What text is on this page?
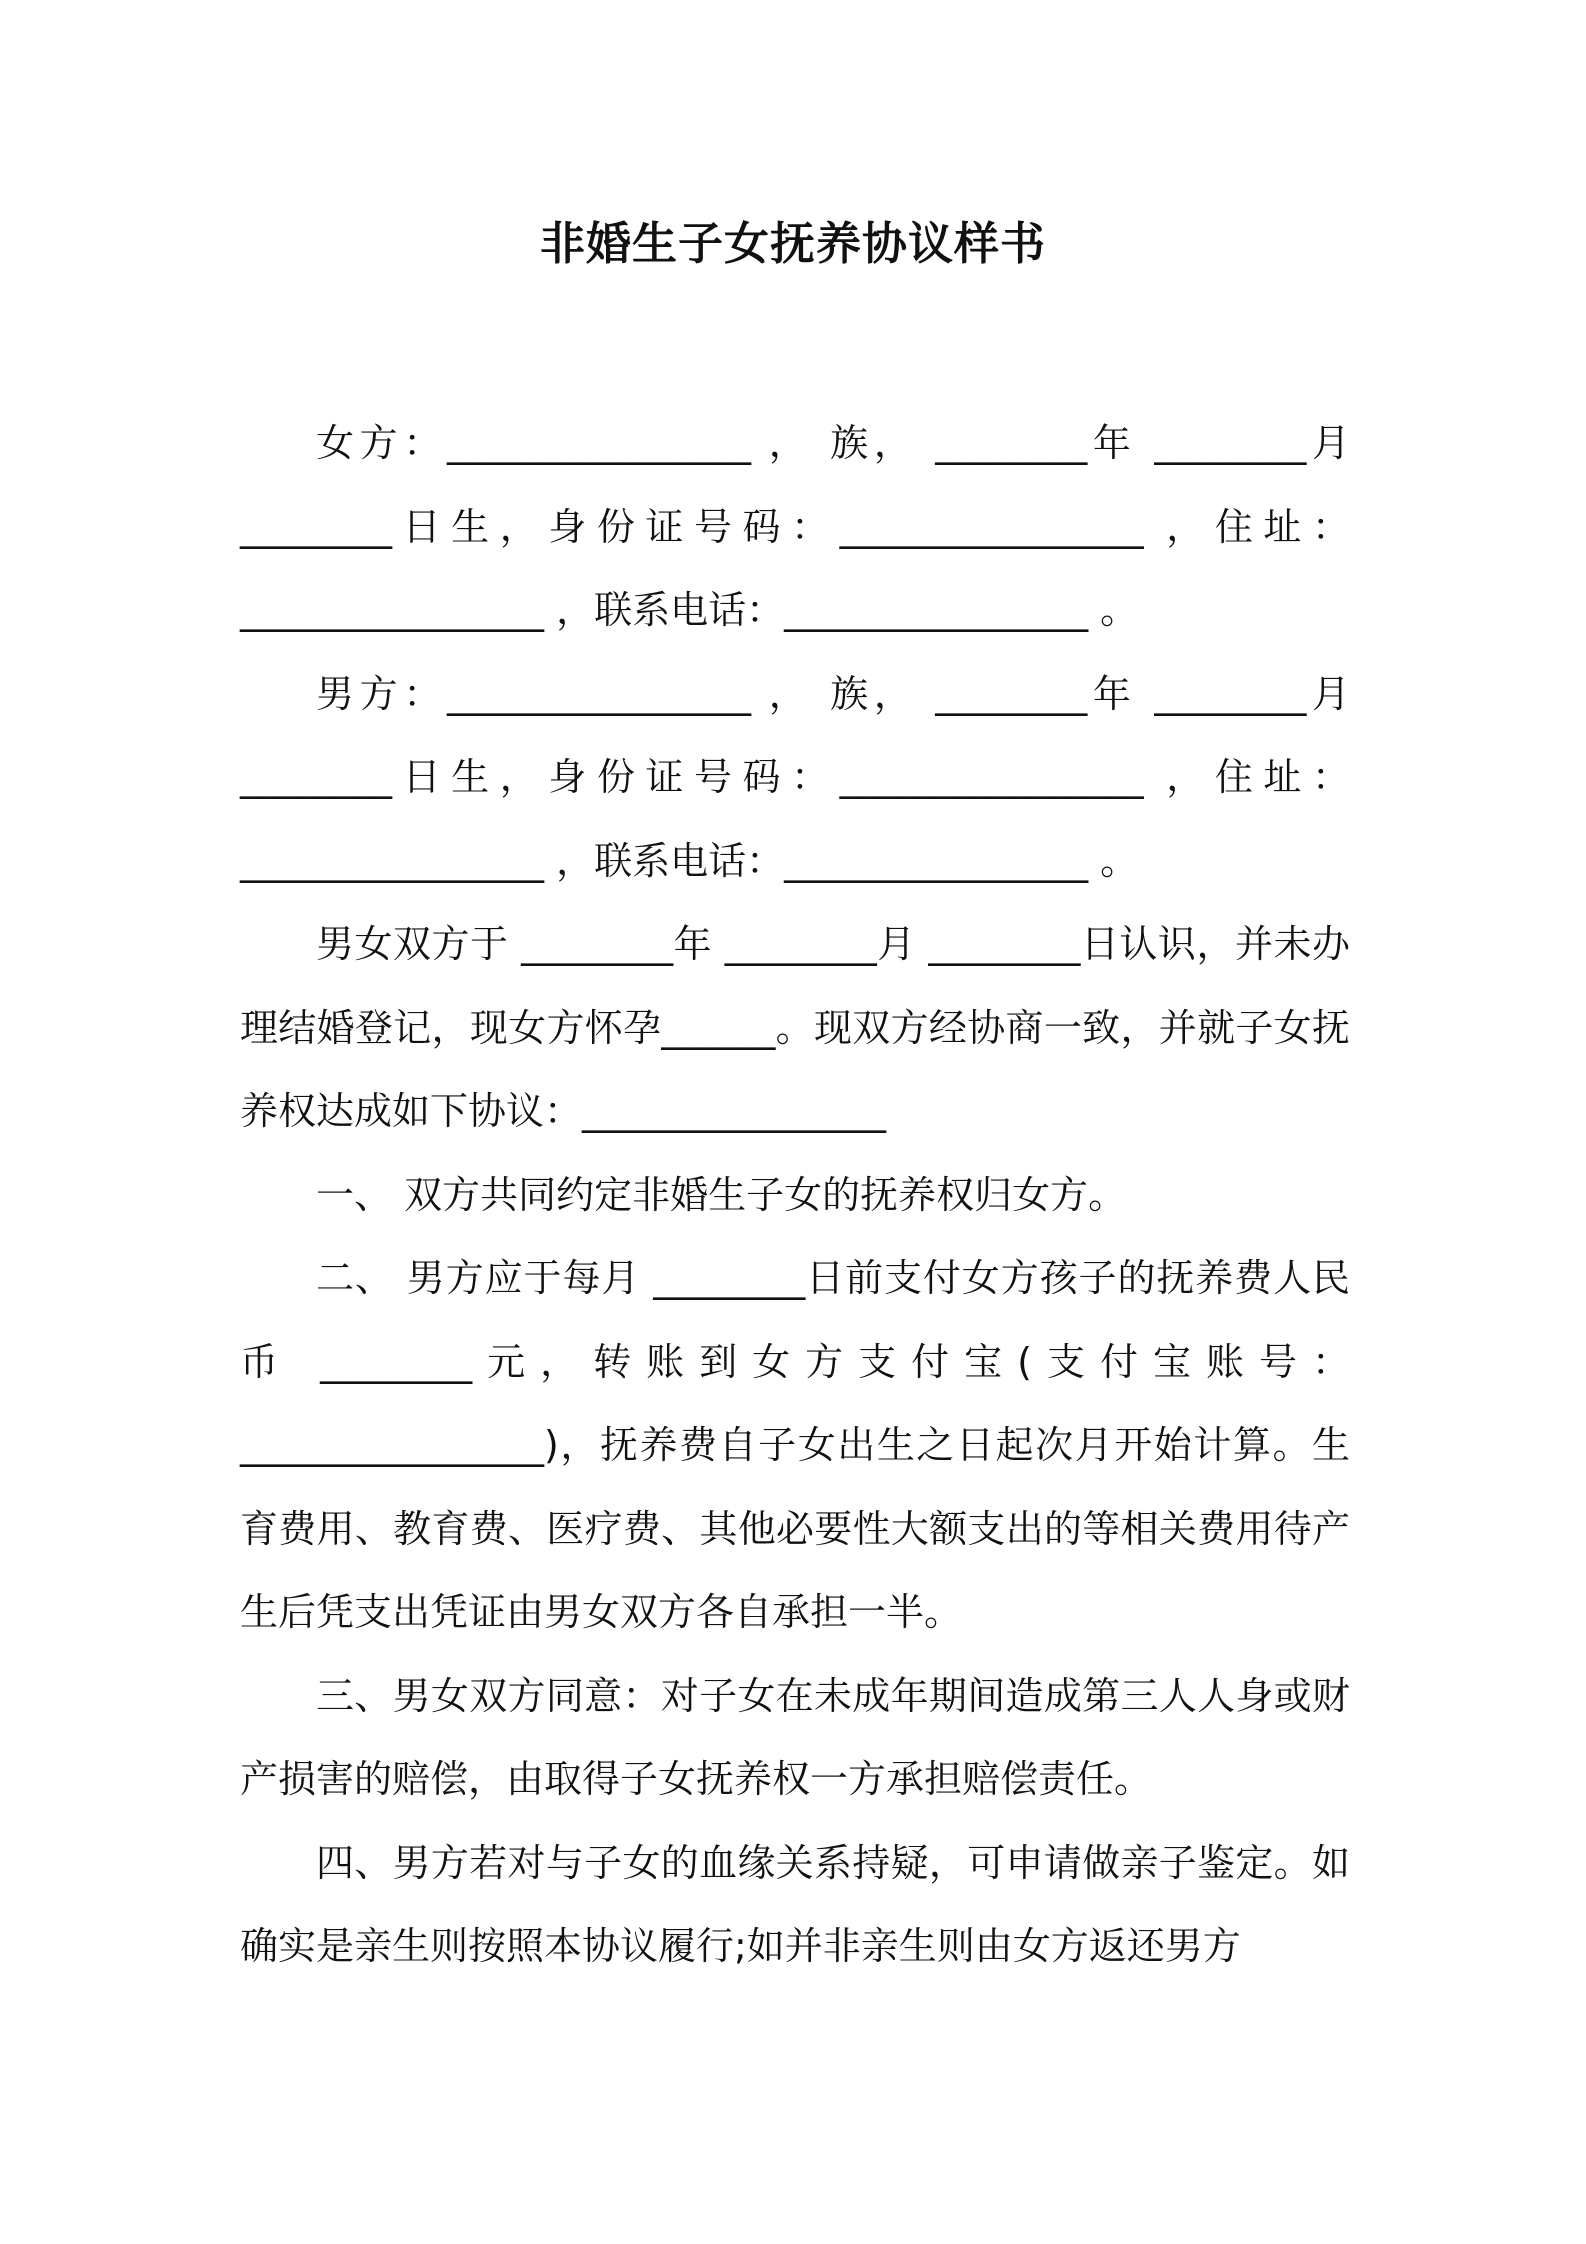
非婚生子女抚养协议样书

女方：________________ ， 族， ________年 ________月 ________日生，身份证号码：________________ ，住址：________________ ，联系电话：________________ 。

男方：________________ ， 族， ________年 ________月 ________日生，身份证号码：________________ ，住址：________________ ，联系电话：________________ 。

男女双方于 ________年 ________月 ________日认识，并未办理结婚登记，现女方怀孕______。现双方经协商一致，并就子女抚养权达成如下协议：________________

一、 双方共同约定非婚生子女的抚养权归女方。

二、 男方应于每月 ________日前支付女方孩子的抚养费人民币 ________元，转账到女方支付宝(支付宝账号：________________)，抚养费自子女出生之日起次月开始计算。生育费用、教育费、医疗费、其他必要性大额支出的等相关费用待产生后凭支出凭证由男女双方各自承担一半。

三、男女双方同意：对子女在未成年期间造成第三人人身或财产损害的赔偿，由取得子女抚养权一方承担赔偿责任。

四、男方若对与子女的血缘关系持疑，可申请做亲子鉴定。如确实是亲生则按照本协议履行;如并非亲生则由女方返还男方
